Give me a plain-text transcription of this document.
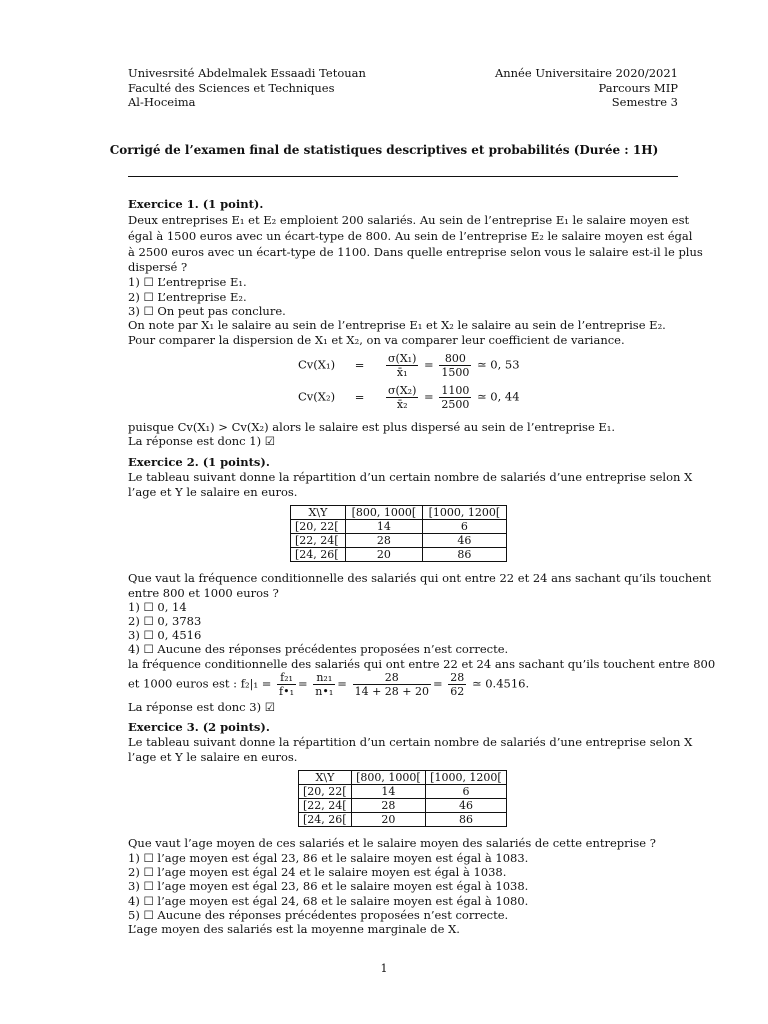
Univesrsité Abdelmalek Essaadi Tetouan
Faculté des Sciences et Techniques
Al-Hoceima
Année Universitaire 2020/2021
Parcours MIP
Semestre 3
Corrigé de l’examen final de statistiques descriptives et probabilités (Durée : 1H)
Exercice 1. (1 point).
Deux entreprises E₁ et E₂ emploient 200 salariés. Au sein de l’entreprise E₁ le salaire moyen est
égal à 1500 euros avec un écart-type de 800. Au sein de l’entreprise E₂ le salaire moyen est égal
à 2500 euros avec un écart-type de 1100. Dans quelle entreprise selon vous le salaire est-il le plus
dispersé ?
1) ☐ L’entreprise E₁.
2) ☐ L’entreprise E₂.
3) ☐ On peut pas conclure.
On note par X₁ le salaire au sein de l’entreprise E₁ et X₂ le salaire au sein de l’entreprise E₂.
Pour comparer la dispersion de X₁ et X₂, on va comparer leur coefficient de variance.
$Cv(X_1) = \frac{\text{σ(X₁)}}{\text{x̄₁}} = \frac{800}{1500}$ ≃ 0, 53
$Cv(X_2) = \frac{\text{σ(X₂)}}{\text{x̄₂}} = \frac{1100}{2500}$ ≃ 0, 44
puisque Cv(X₁) > Cv(X₂) alors le salaire est plus dispersé au sein de l’entreprise E₁.
La réponse est donc 1) ☑
Exercice 2. (1 points).
Le tableau suivant donne la répartition d’un certain nombre de salariés d’une entreprise selon X
l’age et Y le salaire en euros.
X\Y	[800, 1000[	[1000, 1200[
[20, 22[	14	6
[22, 24[	28	46
[24, 26[	20	86
Que vaut la fréquence conditionnelle des salariés qui ont entre 22 et 24 ans sachant qu’ils touchent
entre 800 et 1000 euros ?
1) ☐ 0, 14
2) ☐ 0, 3783
3) ☐ 0, 4516
4) ☐ Aucune des réponses précédentes proposées n’est correcte.
la fréquence conditionnelle des salariés qui ont entre 22 et 24 ans sachant qu’ils touchent entre 800
et 1000 euros est : $f_2|_1 = \frac{\text{f₂₁}}{\text{f•₁}} = \frac{\text{n₂₁}}{\text{n•₁}} = \frac{28}{14 + 28 + 20} = \frac{28}{62}$ ≃ 0.4516.
La réponse est donc 3) ☑
Exercice 3. (2 points).
Le tableau suivant donne la répartition d’un certain nombre de salariés d’une entreprise selon X
l’age et Y le salaire en euros.
X\Y	[800, 1000[	[1000, 1200[
[20, 22[	14	6
[22, 24[	28	46
[24, 26[	20	86
Que vaut l’age moyen de ces salariés et le salaire moyen des salariés de cette entreprise ?
1) ☐ l’age moyen est égal 23, 86 et le salaire moyen est égal à 1083.
2) ☐ l’age moyen est égal 24 et le salaire moyen est égal à 1038.
3) ☐ l’age moyen est égal 23, 86 et le salaire moyen est égal à 1038.
4) ☐ l’age moyen est égal 24, 68 et le salaire moyen est égal à 1080.
5) ☐ Aucune des réponses précédentes proposées n’est correcte.
L’age moyen des salariés est la moyenne marginale de X.
1
